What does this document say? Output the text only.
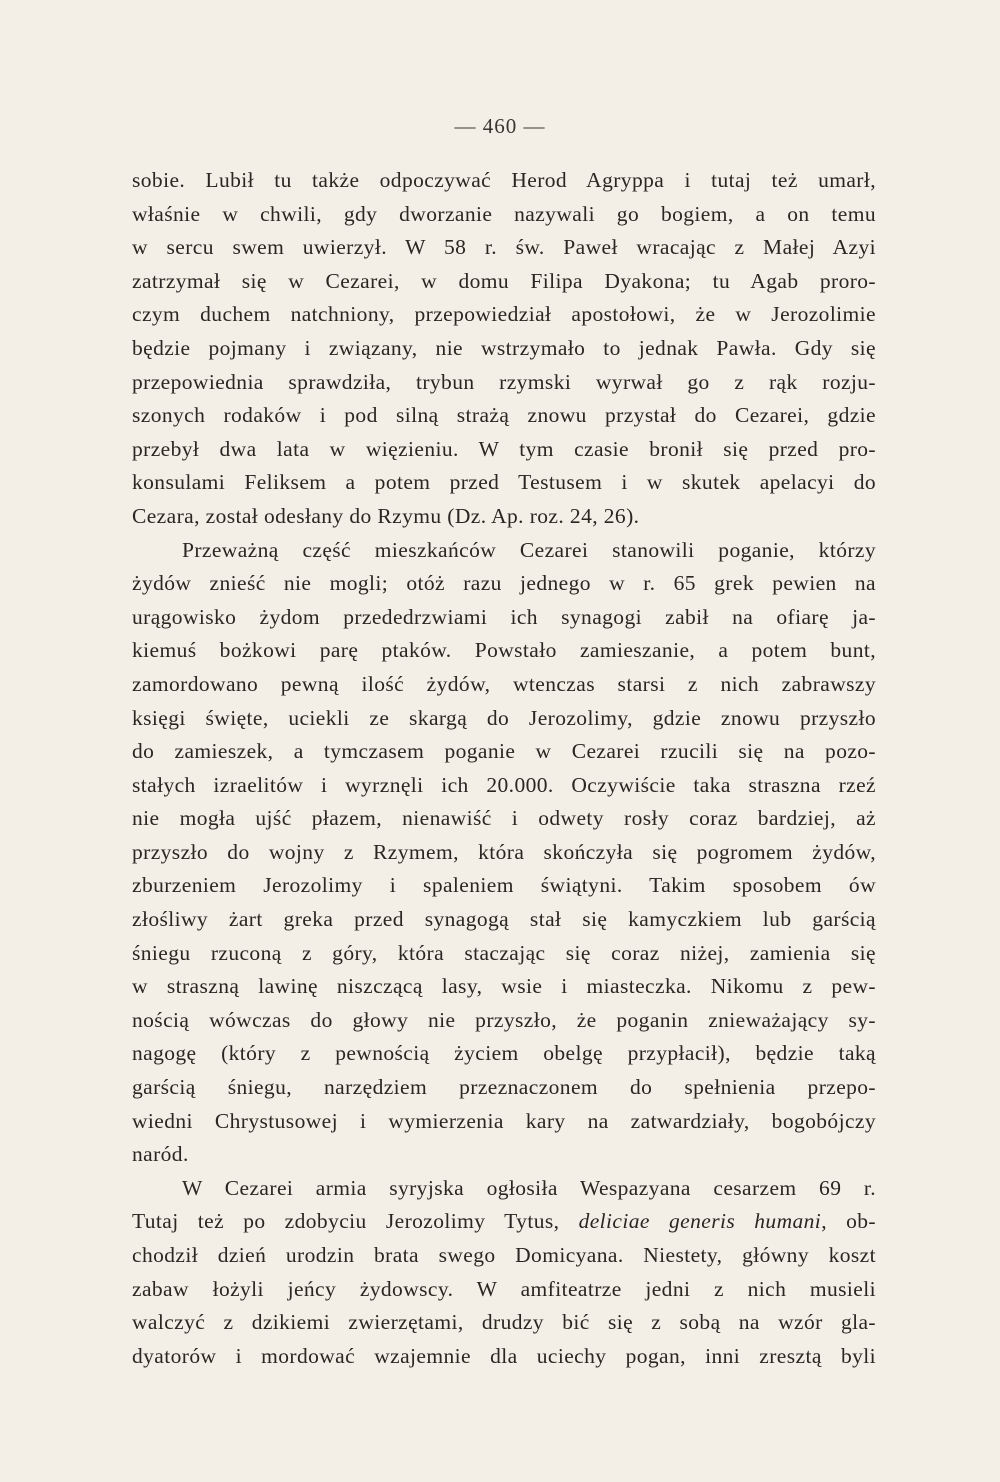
— 460 —
sobie. Lubił tu także odpoczywać Herod Agryppa i tutaj też umarł,
właśnie w chwili, gdy dworzanie nazywali go bogiem, a on temu
w sercu swem uwierzył. W 58 r. św. Paweł wracając z Małej Azyi
zatrzymał się w Cezarei, w domu Filipa Dyakona; tu Agab proro-
czym duchem natchniony, przepowiedział apostołowi, że w Jerozolimie
będzie pojmany i związany, nie wstrzymało to jednak Pawła. Gdy się
przepowiednia sprawdziła, trybun rzymski wyrwał go z rąk rozju-
szonych rodaków i pod silną strażą znowu przystał do Cezarei, gdzie
przebył dwa lata w więzieniu. W tym czasie bronił się przed pro-
konsulami Feliksem a potem przed Testusem i w skutek apelacyi do
Cezara, został odesłany do Rzymu (Dz. Ap. roz. 24, 26).
Przeważną część mieszkańców Cezarei stanowili poganie, którzy
żydów znieść nie mogli; otóż razu jednego w r. 65 grek pewien na
urągowisko żydom przededrzwiami ich synagogi zabił na ofiarę ja-
kiemuś bożkowi parę ptaków. Powstało zamieszanie, a potem bunt,
zamordowano pewną ilość żydów, wtenczas starsi z nich zabrawszy
księgi święte, uciekli ze skargą do Jerozolimy, gdzie znowu przyszło
do zamieszek, a tymczasem poganie w Cezarei rzucili się na pozo-
stałych izraelitów i wyrznęli ich 20.000. Oczywiście taka straszna rzeź
nie mogła ujść płazem, nienawiść i odwety rosły coraz bardziej, aż
przyszło do wojny z Rzymem, która skończyła się pogromem żydów,
zburzeniem Jerozolimy i spaleniem świątyni. Takim sposobem ów
złośliwy żart greka przed synagogą stał się kamyczkiem lub garścią
śniegu rzuconą z góry, która staczając się coraz niżej, zamienia się
w straszną lawinę niszczącą lasy, wsie i miasteczka. Nikomu z pew-
nością wówczas do głowy nie przyszło, że poganin znieważający sy-
nagogę (który z pewnością życiem obelgę przypłacił), będzie taką
garścią śniegu, narzędziem przeznaczonem do spełnienia przepo-
wiedni Chrystusowej i wymierzenia kary na zatwardziały, bogobójczy
naród.
W Cezarei armia syryjska ogłosiła Wespazyana cesarzem 69 r.
Tutaj też po zdobyciu Jerozolimy Tytus, deliciae generis humani, ob-
chodził dzień urodzin brata swego Domicyana. Niestety, główny koszt
zabaw łożyli jeńcy żydowscy. W amfiteatrze jedni z nich musieli
walczyć z dzikiemi zwierzętami, drudzy bić się z sobą na wzór gla-
dyatorów i mordować wzajemnie dla uciechy pogan, inni zresztą byli
